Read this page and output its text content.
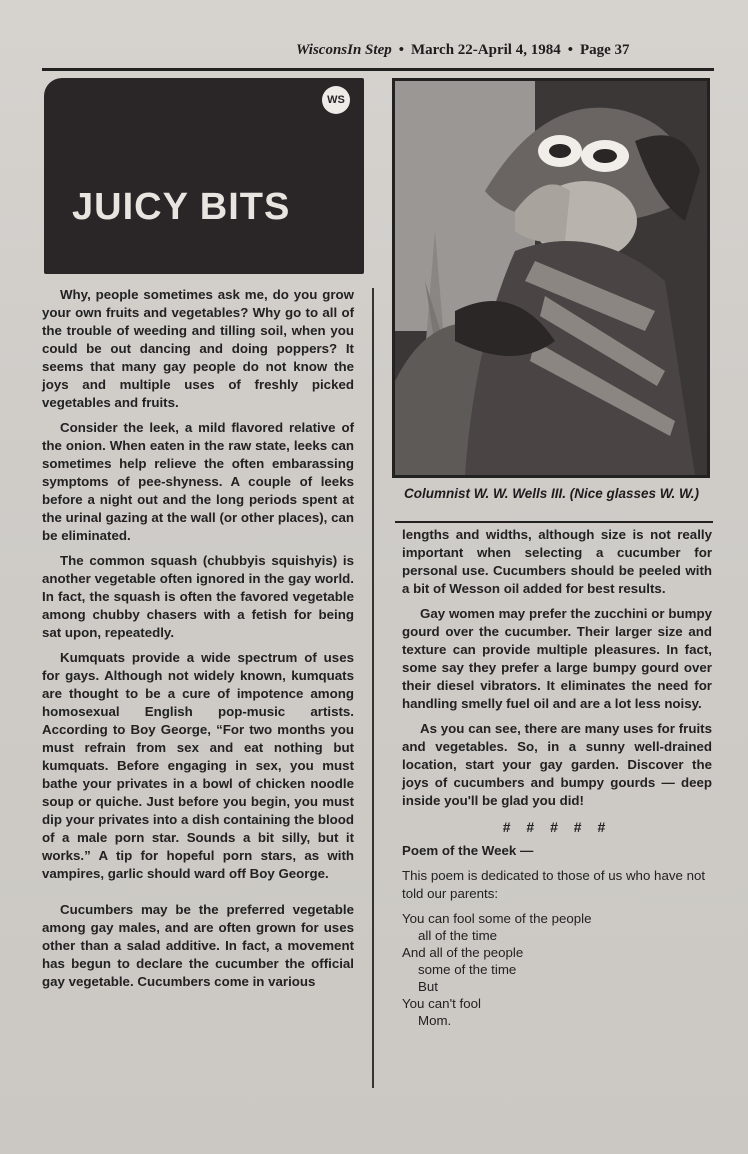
WisconsIn Step • March 22-April 4, 1984 • Page 37
WS
JUICY BITS
Columnist W. W. Wells III. (Nice glasses W. W.)

Why, people sometimes ask me, do you grow your own fruits and vegetables? Why go to all of the trouble of weeding and tilling soil, when you could be out dancing and doing poppers? It seems that many gay people do not know the joys and multiple uses of freshly picked vegetables and fruits.

Consider the leek, a mild flavored relative of the onion. When eaten in the raw state, leeks can sometimes help relieve the often embarassing symptoms of pee-shyness. A couple of leeks before a night out and the long periods spent at the urinal gazing at the wall (or other places), can be eliminated.

The common squash (chubbyis squishyis) is another vegetable often ignored in the gay world. In fact, the squash is often the favored vegetable among chubby chasers with a fetish for being sat upon, repeatedly.

Kumquats provide a wide spectrum of uses for gays. Although not widely known, kumquats are thought to be a cure of impotence among homosexual English pop-music artists. According to Boy George, “For two months you must refrain from sex and eat nothing but kumquats. Before engaging in sex, you must bathe your privates in a bowl of chicken noodle soup or quiche. Just before you begin, you must dip your privates into a dish containing the blood of a male porn star. Sounds a bit silly, but it works.” A tip for hopeful porn stars, as with vampires, garlic should ward off Boy George.

Cucumbers may be the preferred vegetable among gay males, and are often grown for uses other than a salad additive. In fact, a movement has begun to declare the cucumber the official gay vegetable. Cucumbers come in various

lengths and widths, although size is not really important when selecting a cucumber for personal use. Cucumbers should be peeled with a bit of Wesson oil added for best results.

Gay women may prefer the zucchini or bumpy gourd over the cucumber. Their larger size and texture can provide multiple pleasures. In fact, some say they prefer a large bumpy gourd over their diesel vibrators. It eliminates the need for handling smelly fuel oil and are a lot less noisy.

As you can see, there are many uses for fruits and vegetables. So, in a sunny well-drained location, start your gay garden. Discover the joys of cucumbers and bumpy gourds — deep inside you'll be glad you did!

# # # # #

Poem of the Week —

This poem is dedicated to those of us who have not told our parents:

You can fool some of the people
all of the time
And all of the people
some of the time
But
You can't fool
Mom.
